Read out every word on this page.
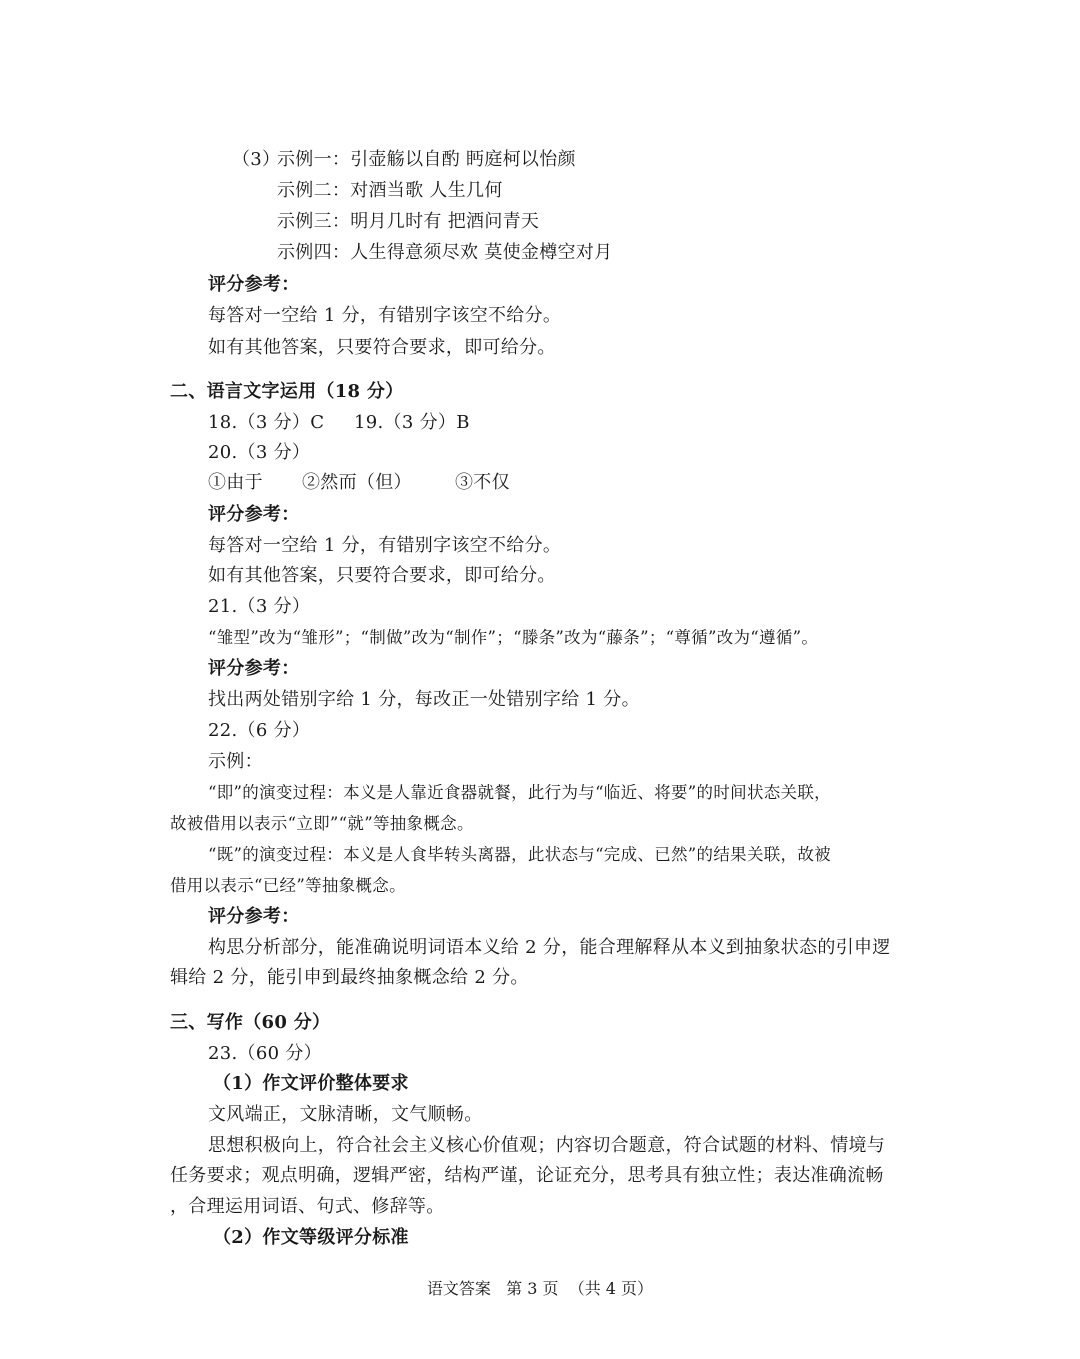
（3）
示例一：引壶觞以自酌 眄庭柯以怡颜
示例二：对酒当歌 人生几何
示例三：明月几时有 把酒问青天
示例四：人生得意须尽欢 莫使金樽空对月
评分参考：
每答对一空给 1 分，有错别字该空不给分。
如有其他答案，只要符合要求，即可给分。
二、语言文字运用（18 分）
18.（3 分）C 19.（3 分）B
20.（3 分）
①由于 ②然而（但） ③不仅
评分参考：
每答对一空给 1 分，有错别字该空不给分。
如有其他答案，只要符合要求，即可给分。
21.（3 分）
“雏型”改为“雏形”；“制做”改为“制作”；“滕条”改为“藤条”；“尊循”改为“遵循”。
评分参考：
找出两处错别字给 1 分，每改正一处错别字给 1 分。
22.（6 分）
示例：
“即”的演变过程：本义是人靠近食器就餐，此行为与“临近、将要”的时间状态关联，
故被借用以表示“立即”“就”等抽象概念。
“既”的演变过程：本义是人食毕转头离器，此状态与“完成、已然”的结果关联，故被
借用以表示“已经”等抽象概念。
评分参考：
构思分析部分，能准确说明词语本义给 2 分，能合理解释从本义到抽象状态的引申逻
辑给 2 分，能引申到最终抽象概念给 2 分。
三、写作（60 分）
23.（60 分）
（1）作文评价整体要求
文风端正，文脉清晰，文气顺畅。
思想积极向上，符合社会主义核心价值观；内容切合题意，符合试题的材料、情境与
任务要求；观点明确，逻辑严密，结构严谨，论证充分，思考具有独立性；表达准确流畅
，合理运用词语、句式、修辞等。
（2）作文等级评分标准
语文答案   第 3 页  （共 4 页）
